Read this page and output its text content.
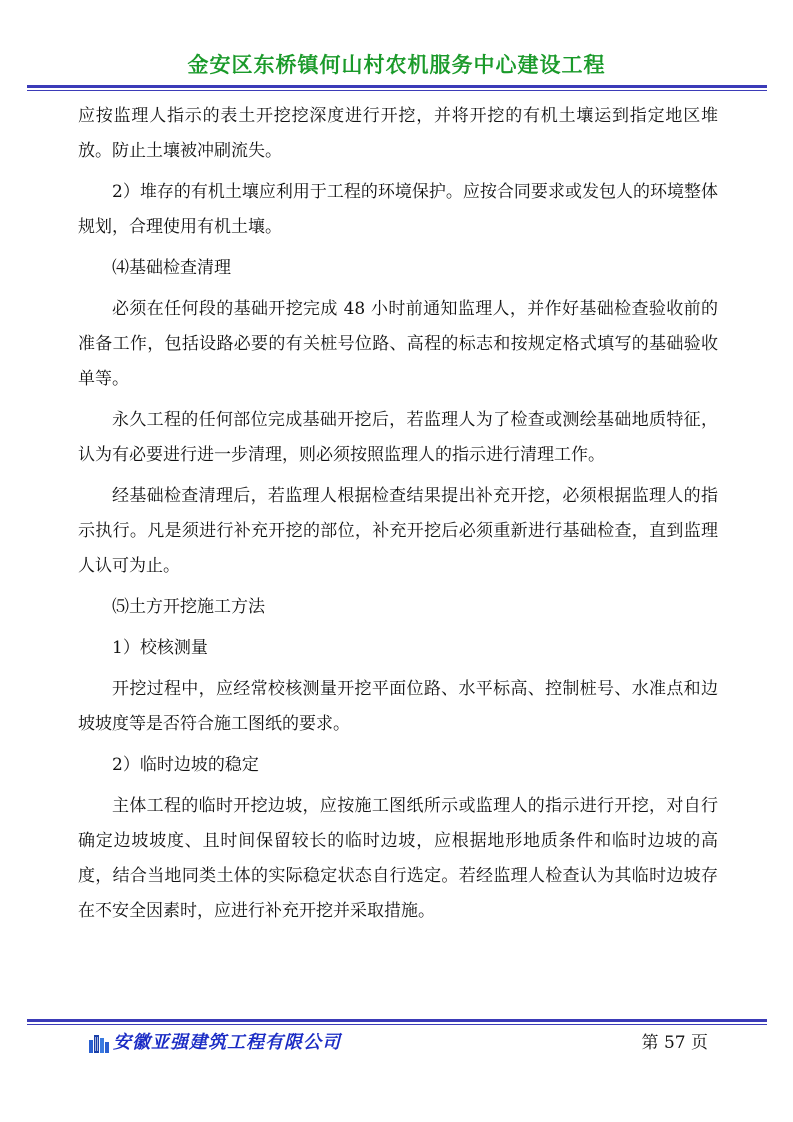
金安区东桥镇何山村农机服务中心建设工程

应按监理人指示的表土开挖挖深度进行开挖，并将开挖的有机土壤运到指定地区堆放。防止土壤被冲刷流失。

2）堆存的有机土壤应利用于工程的环境保护。应按合同要求或发包人的环境整体规划，合理使用有机土壤。

⑷基础检查清理

必须在任何段的基础开挖完成 48 小时前通知监理人，并作好基础检查验收前的准备工作，包括设路必要的有关桩号位路、高程的标志和按规定格式填写的基础验收单等。

永久工程的任何部位完成基础开挖后，若监理人为了检查或测绘基础地质特征，认为有必要进行进一步清理，则必须按照监理人的指示进行清理工作。

经基础检查清理后，若监理人根据检查结果提出补充开挖，必须根据监理人的指示执行。凡是须进行补充开挖的部位，补充开挖后必须重新进行基础检查，直到监理人认可为止。

⑸土方开挖施工方法

1）校核测量

开挖过程中，应经常校核测量开挖平面位路、水平标高、控制桩号、水准点和边坡坡度等是否符合施工图纸的要求。

2）临时边坡的稳定

主体工程的临时开挖边坡，应按施工图纸所示或监理人的指示进行开挖，对自行确定边坡坡度、且时间保留较长的临时边坡，应根据地形地质条件和临时边坡的高度，结合当地同类土体的实际稳定状态自行选定。若经监理人检查认为其临时边坡存在不安全因素时，应进行补充开挖并采取措施。

安徽亚强建筑工程有限公司	第 57 页
